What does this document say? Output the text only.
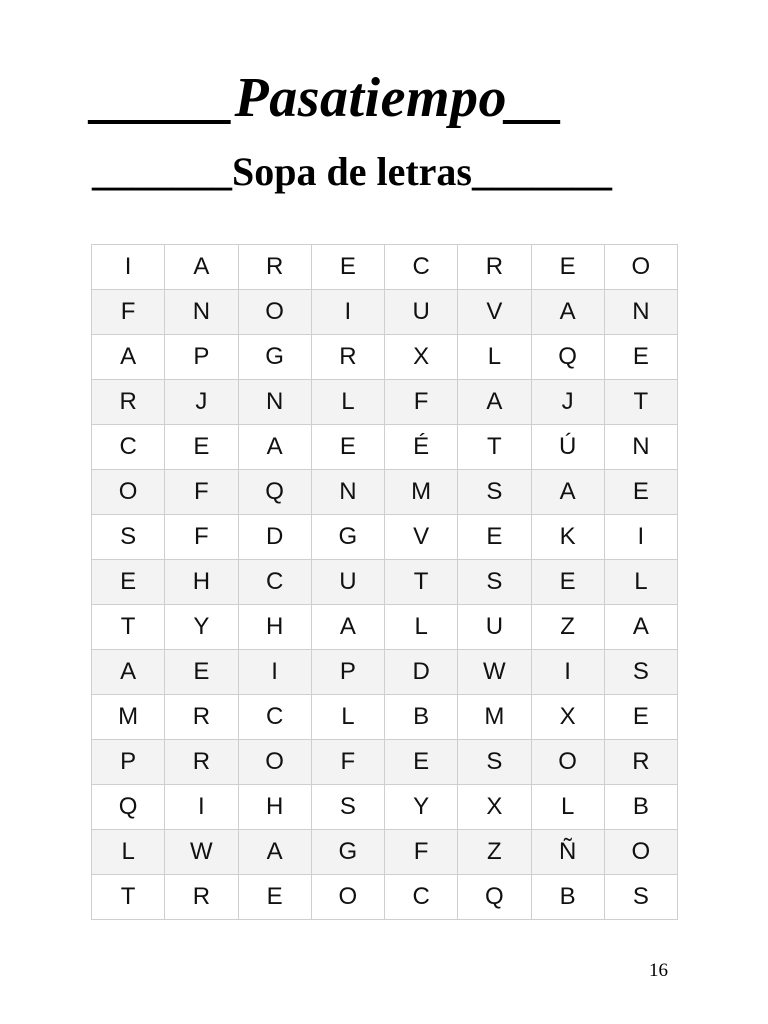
_____Pasatiempo__
_______Sopa de letras_______
I	A	R	E	C	R	E	O
F	N	O	I	U	V	A	N
A	P	G	R	X	L	Q	E
R	J	N	L	F	A	J	T
C	E	A	E	É	T	Ú	N
O	F	Q	N	M	S	A	E
S	F	D	G	V	E	K	I
E	H	C	U	T	S	E	L
T	Y	H	A	L	U	Z	A
A	E	I	P	D	W	I	S
M	R	C	L	B	M	X	E
P	R	O	F	E	S	O	R
Q	I	H	S	Y	X	L	B
L	W	A	G	F	Z	Ñ	O
T	R	E	O	C	Q	B	S
16
